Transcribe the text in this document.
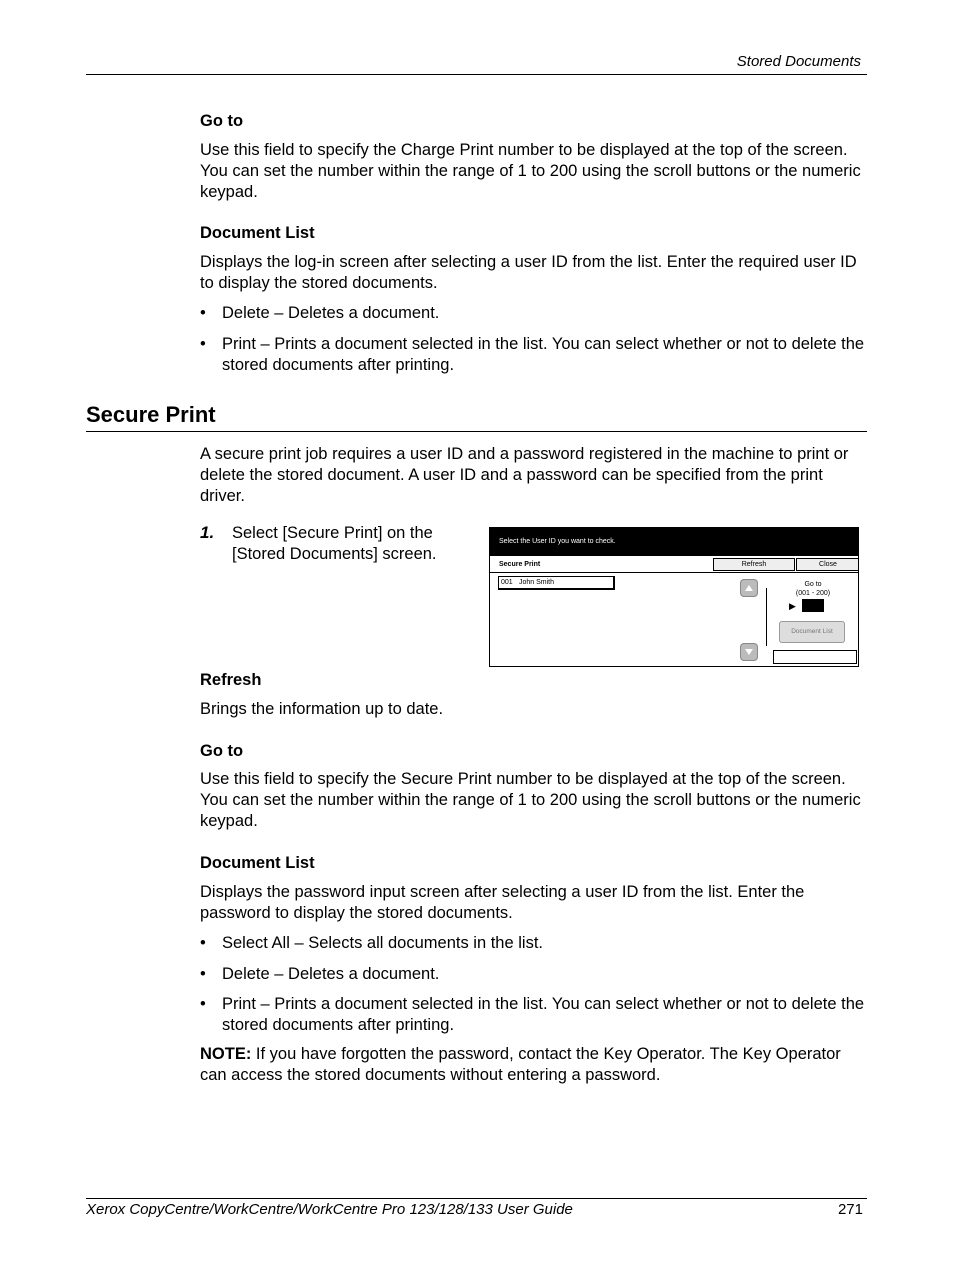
Stored Documents
Go to
Use this field to specify the Charge Print number to be displayed at the top of the screen. You can set the number within the range of 1 to 200 using the scroll buttons or the numeric keypad.
Document List
Displays the log-in screen after selecting a user ID from the list. Enter the required user ID to display the stored documents.
• Delete – Deletes a document.
• Print – Prints a document selected in the list. You can select whether or not to delete the stored documents after printing.
Secure Print
A secure print job requires a user ID and a password registered in the machine to print or delete the stored document. A user ID and a password can be specified from the print driver.
1. Select [Secure Print] on the [Stored Documents] screen.
Select the User ID you want to check.
Secure Print	Refresh	Close
001 John Smith	Go to
(001 - 200)
▶
Document List
Refresh
Brings the information up to date.
Go to
Use this field to specify the Secure Print number to be displayed at the top of the screen. You can set the number within the range of 1 to 200 using the scroll buttons or the numeric keypad.
Document List
Displays the password input screen after selecting a user ID from the list. Enter the password to display the stored documents.
• Select All – Selects all documents in the list.
• Delete – Deletes a document.
• Print – Prints a document selected in the list. You can select whether or not to delete the stored documents after printing.
NOTE: If you have forgotten the password, contact the Key Operator. The Key Operator can access the stored documents without entering a password.
Xerox CopyCentre/WorkCentre/WorkCentre Pro 123/128/133 User Guide	271
